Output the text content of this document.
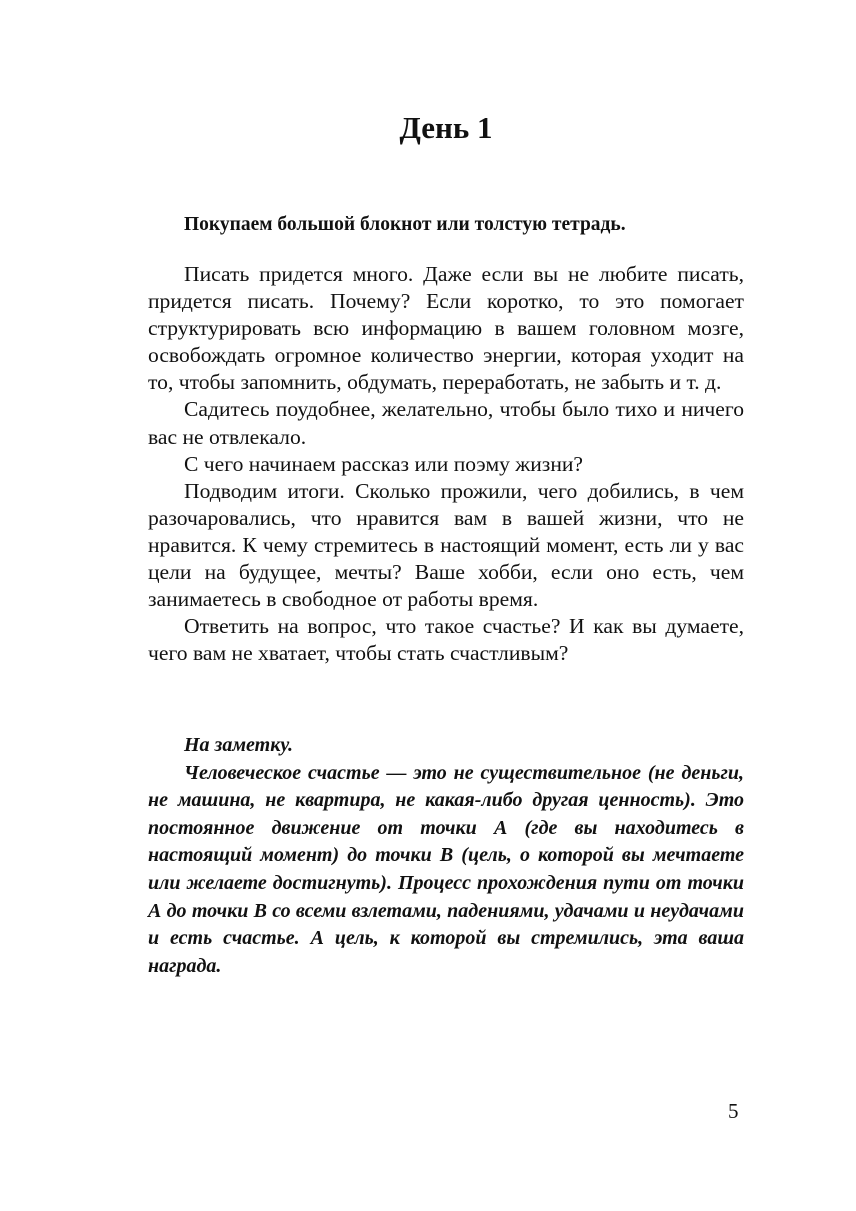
День 1

Покупаем большой блокнот или толстую тетрадь.

Писать придется много. Даже если вы не любите писать, придется писать. Почему? Если коротко, то это помогает структурировать всю информацию в вашем головном мозге, освобождать огромное количество энергии, которая уходит на то, чтобы запомнить, обдумать, переработать, не забыть и т. д.

Садитесь поудобнее, желательно, чтобы было тихо и ничего вас не отвлекало.

С чего начинаем рассказ или поэму жизни?

Подводим итоги. Сколько прожили, чего добились, в чем разочаровались, что нравится вам в вашей жизни, что не нравится. К чему стремитесь в настоящий момент, есть ли у вас цели на будущее, мечты? Ваше хобби, если оно есть, чем занимаетесь в свободное от работы время.

Ответить на вопрос, что такое счастье? И как вы думаете, чего вам не хватает, чтобы стать счастливым?

На заметку.

Человеческое счастье — это не существительное (не деньги, не машина, не квартира, не какая-либо другая ценность). Это постоянное движение от точки А (где вы находитесь в настоящий момент) до точки В (цель, о которой вы мечтаете или желаете достигнуть). Процесс прохождения пути от точки А до точки В со всеми взлетами, падениями, удачами и неудачами и есть счастье. А цель, к которой вы стремились, эта ваша награда.

5
